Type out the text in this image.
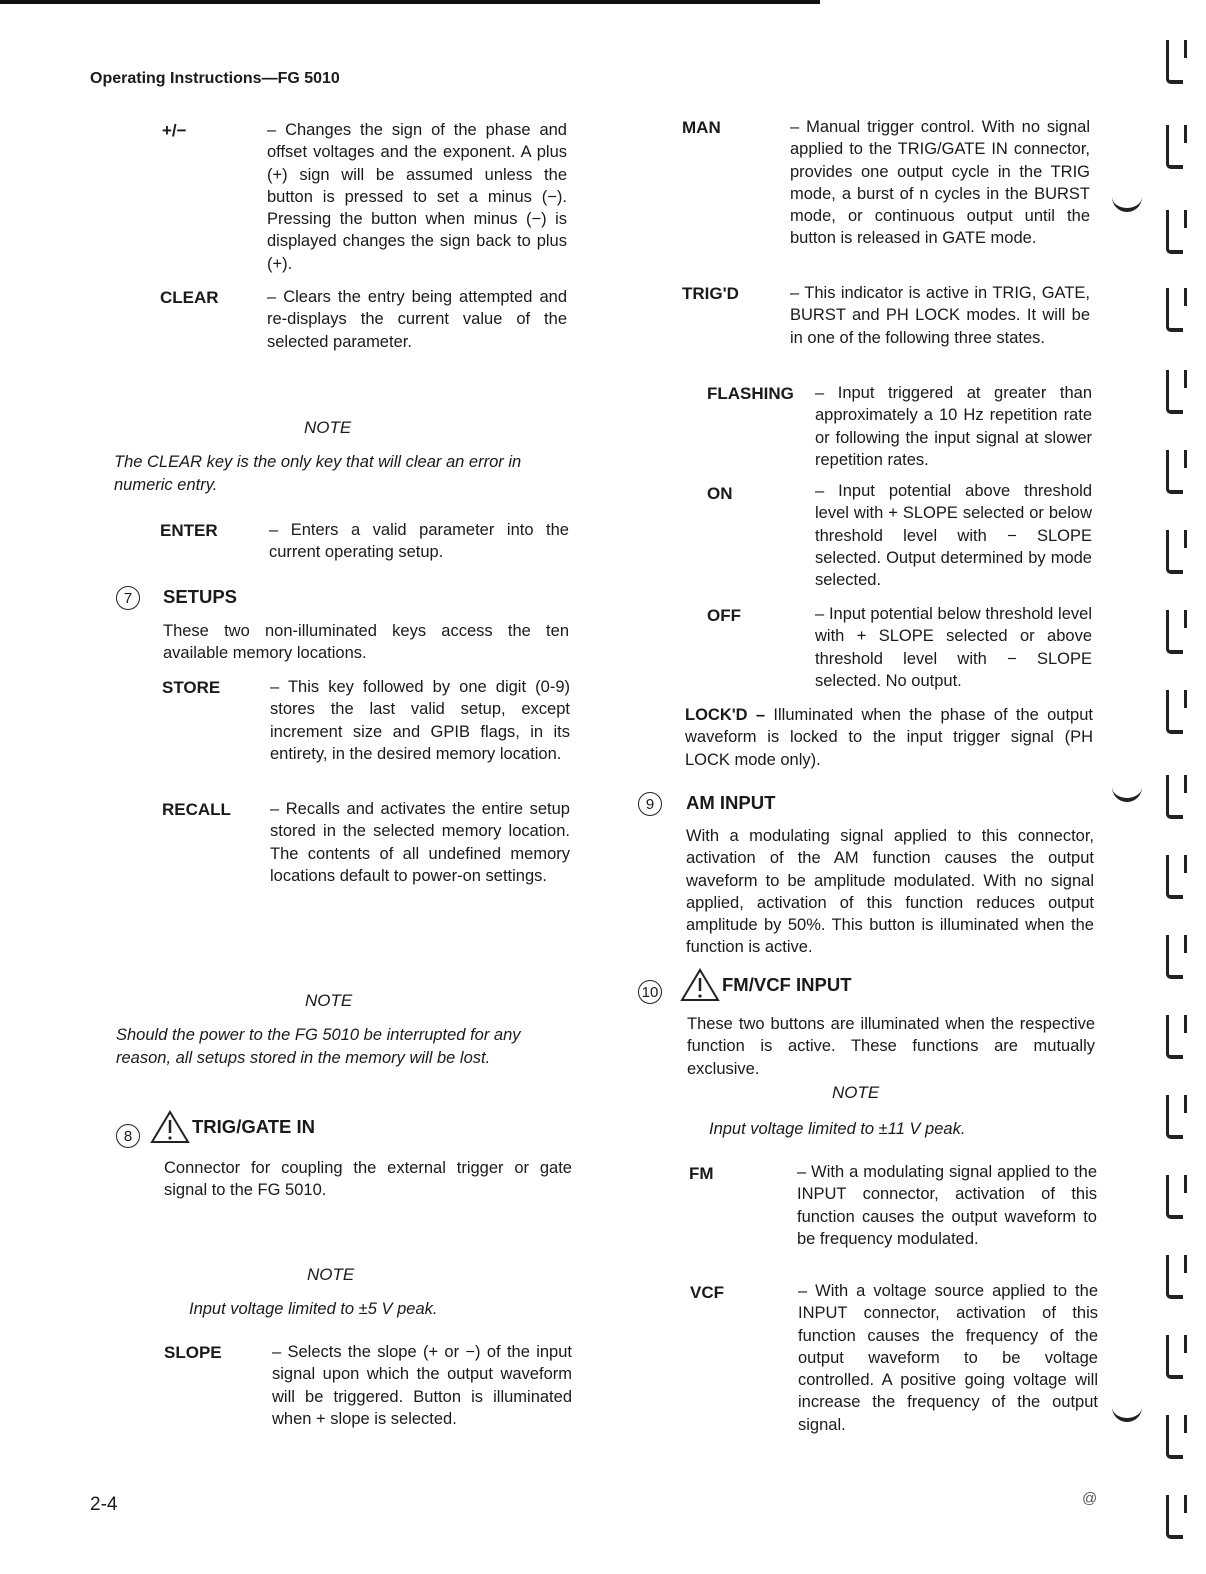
Operating Instructions—FG 5010
+/−	– Changes the sign of the phase and offset voltages and the exponent. A plus (+) sign will be assumed unless the button is pressed to set a minus (−). Pressing the button when minus (−) is displayed changes the sign back to plus (+).
CLEAR	– Clears the entry being attempted and re-displays the current value of the selected parameter.
NOTE
The CLEAR key is the only key that will clear an error in numeric entry.
ENTER	– Enters a valid parameter into the current operating setup.
7	SETUPS
These two non-illuminated keys access the ten available memory locations.
STORE	– This key followed by one digit (0-9) stores the last valid setup, except increment size and GPIB flags, in its entirety, in the desired memory location.
RECALL – Recalls and activates the entire setup stored in the selected memory location. The contents of all undefined memory locations default to power-on settings.
NOTE
Should the power to the FG 5010 be interrupted for any reason, all setups stored in the memory will be lost.
8	TRIG/GATE IN
Connector for coupling the external trigger or gate signal to the FG 5010.
NOTE
Input voltage limited to ±5 V peak.
SLOPE	– Selects the slope (+ or −) of the input signal upon which the output waveform will be triggered. Button is illuminated when + slope is selected.
MAN	– Manual trigger control. With no signal applied to the TRIG/GATE IN connector, provides one output cycle in the TRIG mode, a burst of n cycles in the BURST mode, or continuous output until the button is released in GATE mode.
TRIG'D	– This indicator is active in TRIG, GATE, BURST and PH LOCK modes. It will be in one of the following three states.
FLASHING – Input triggered at greater than approximately a 10 Hz repetition rate or following the input signal at slower repetition rates.
ON	– Input potential above threshold level with + SLOPE selected or below threshold level with − SLOPE selected. Output determined by mode selected.
OFF	– Input potential below threshold level with + SLOPE selected or above threshold level with − SLOPE selected. No output.
LOCK'D – Illuminated when the phase of the output waveform is locked to the input trigger signal (PH LOCK mode only).
9	AM INPUT
With a modulating signal applied to this connector, activation of the AM function causes the output waveform to be amplitude modulated. With no signal applied, activation of this function reduces output amplitude by 50%. This button is illuminated when the function is active.
10	FM/VCF INPUT
These two buttons are illuminated when the respective function is active. These functions are mutually exclusive.
NOTE
Input voltage limited to ±11 V peak.
FM	– With a modulating signal applied to the INPUT connector, activation of this function causes the output waveform to be frequency modulated.
VCF	– With a voltage source applied to the INPUT connector, activation of this function causes the frequency of the output waveform to be voltage controlled. A positive going voltage will increase the frequency of the output signal.
2-4	@
